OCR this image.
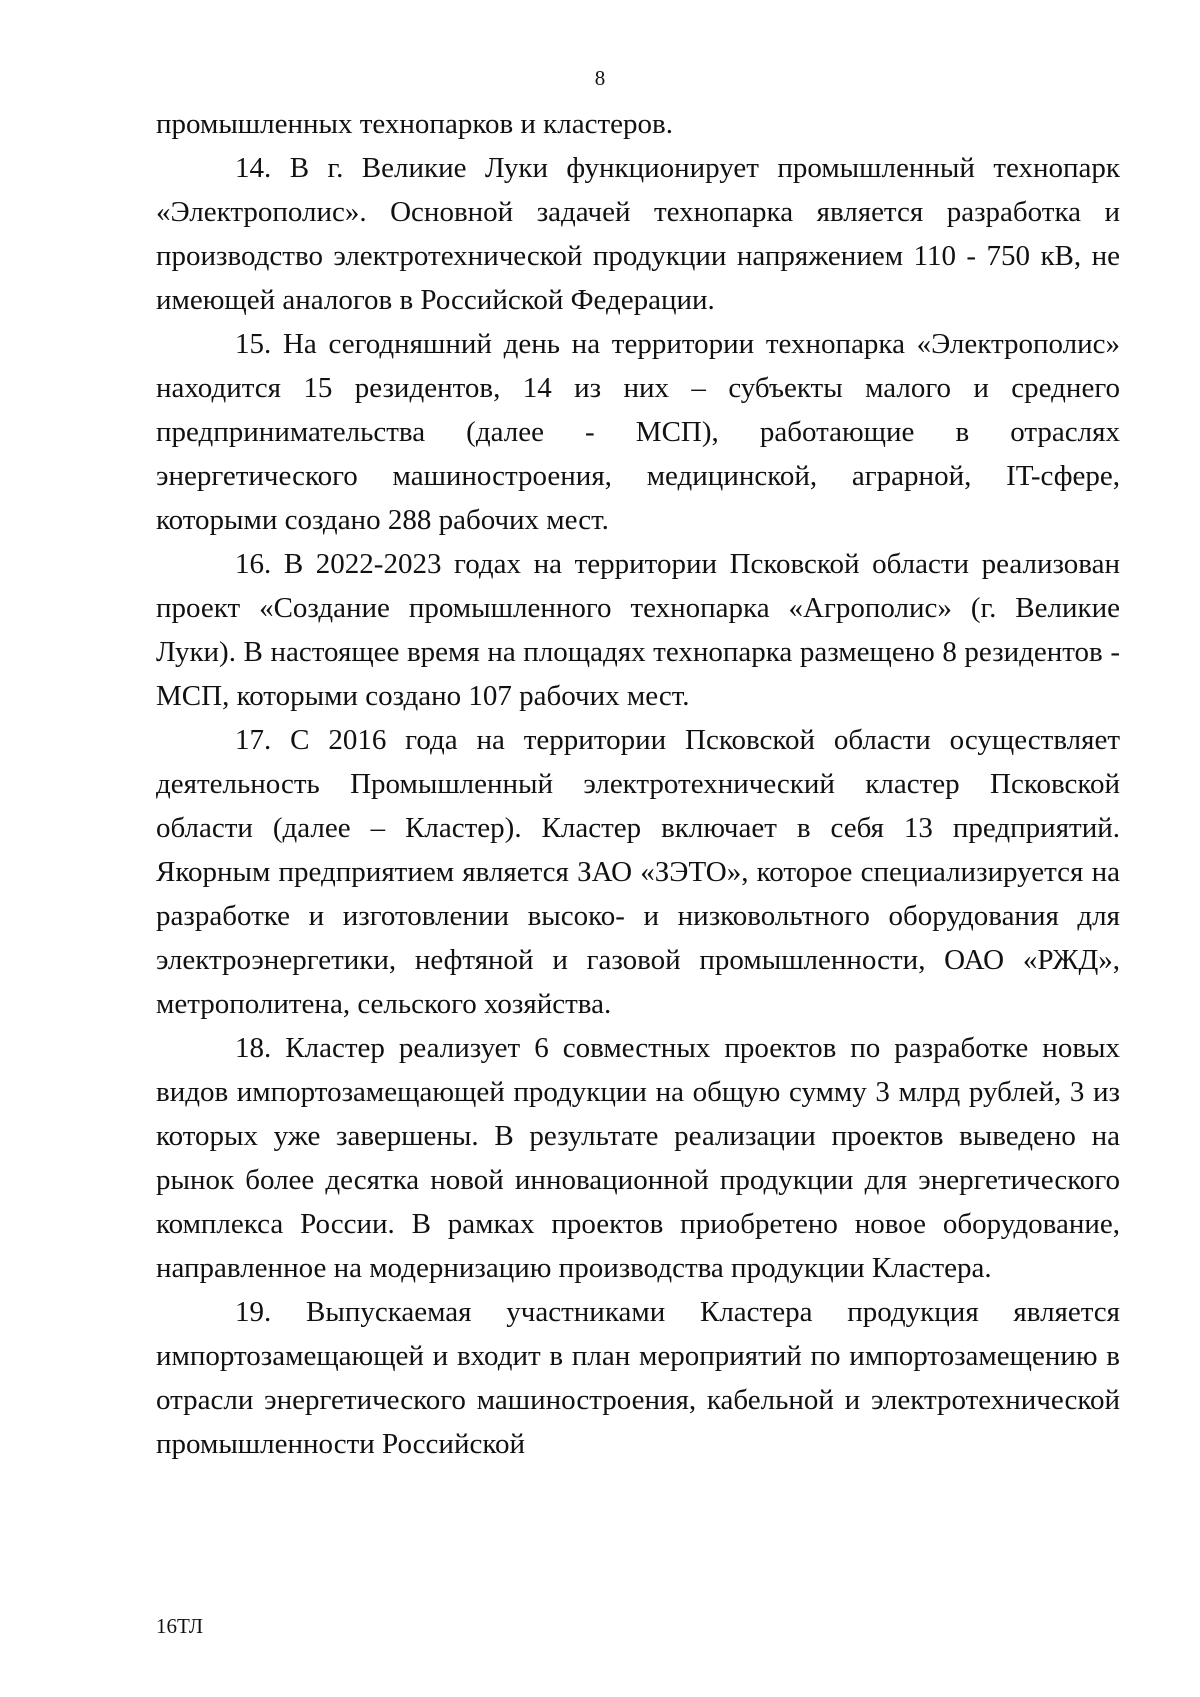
8

промышленных технопарков и кластеров.

14. В г. Великие Луки функционирует промышленный технопарк «Электрополис». Основной задачей технопарка является разработка и производство электротехнической продукции напряжением 110 - 750 кВ, не имеющей аналогов в Российской Федерации.

15. На сегодняшний день на территории технопарка «Электрополис» находится 15 резидентов, 14 из них – субъекты малого и среднего предпринимательства (далее - МСП), работающие в отраслях энергетического машиностроения, медицинской, аграрной, IT-сфере, которыми создано 288 рабочих мест.

16. В 2022-2023 годах на территории Псковской области реализован проект «Создание промышленного технопарка «Агрополис» (г. Великие Луки). В настоящее время на площадях технопарка размещено 8 резидентов - МСП, которыми создано 107 рабочих мест.

17. С 2016 года на территории Псковской области осуществляет деятельность Промышленный электротехнический кластер Псковской области (далее – Кластер). Кластер включает в себя 13 предприятий. Якорным предприятием является ЗАО «ЗЭТО», которое специализируется на разработке и изготовлении высоко- и низковольтного оборудования для электроэнергетики, нефтяной и газовой промышленности, ОАО «РЖД», метрополитена, сельского хозяйства.

18. Кластер реализует 6 совместных проектов по разработке новых видов импортозамещающей продукции на общую сумму 3 млрд рублей, 3 из которых уже завершены. В результате реализации проектов выведено на рынок более десятка новой инновационной продукции для энергетического комплекса России. В рамках проектов приобретено новое оборудование, направленное на модернизацию производства продукции Кластера.

19. Выпускаемая участниками Кластера продукция является импортозамещающей и входит в план мероприятий по импортозамещению в отрасли энергетического машиностроения, кабельной и электротехнической промышленности Российской

16ТЛ
